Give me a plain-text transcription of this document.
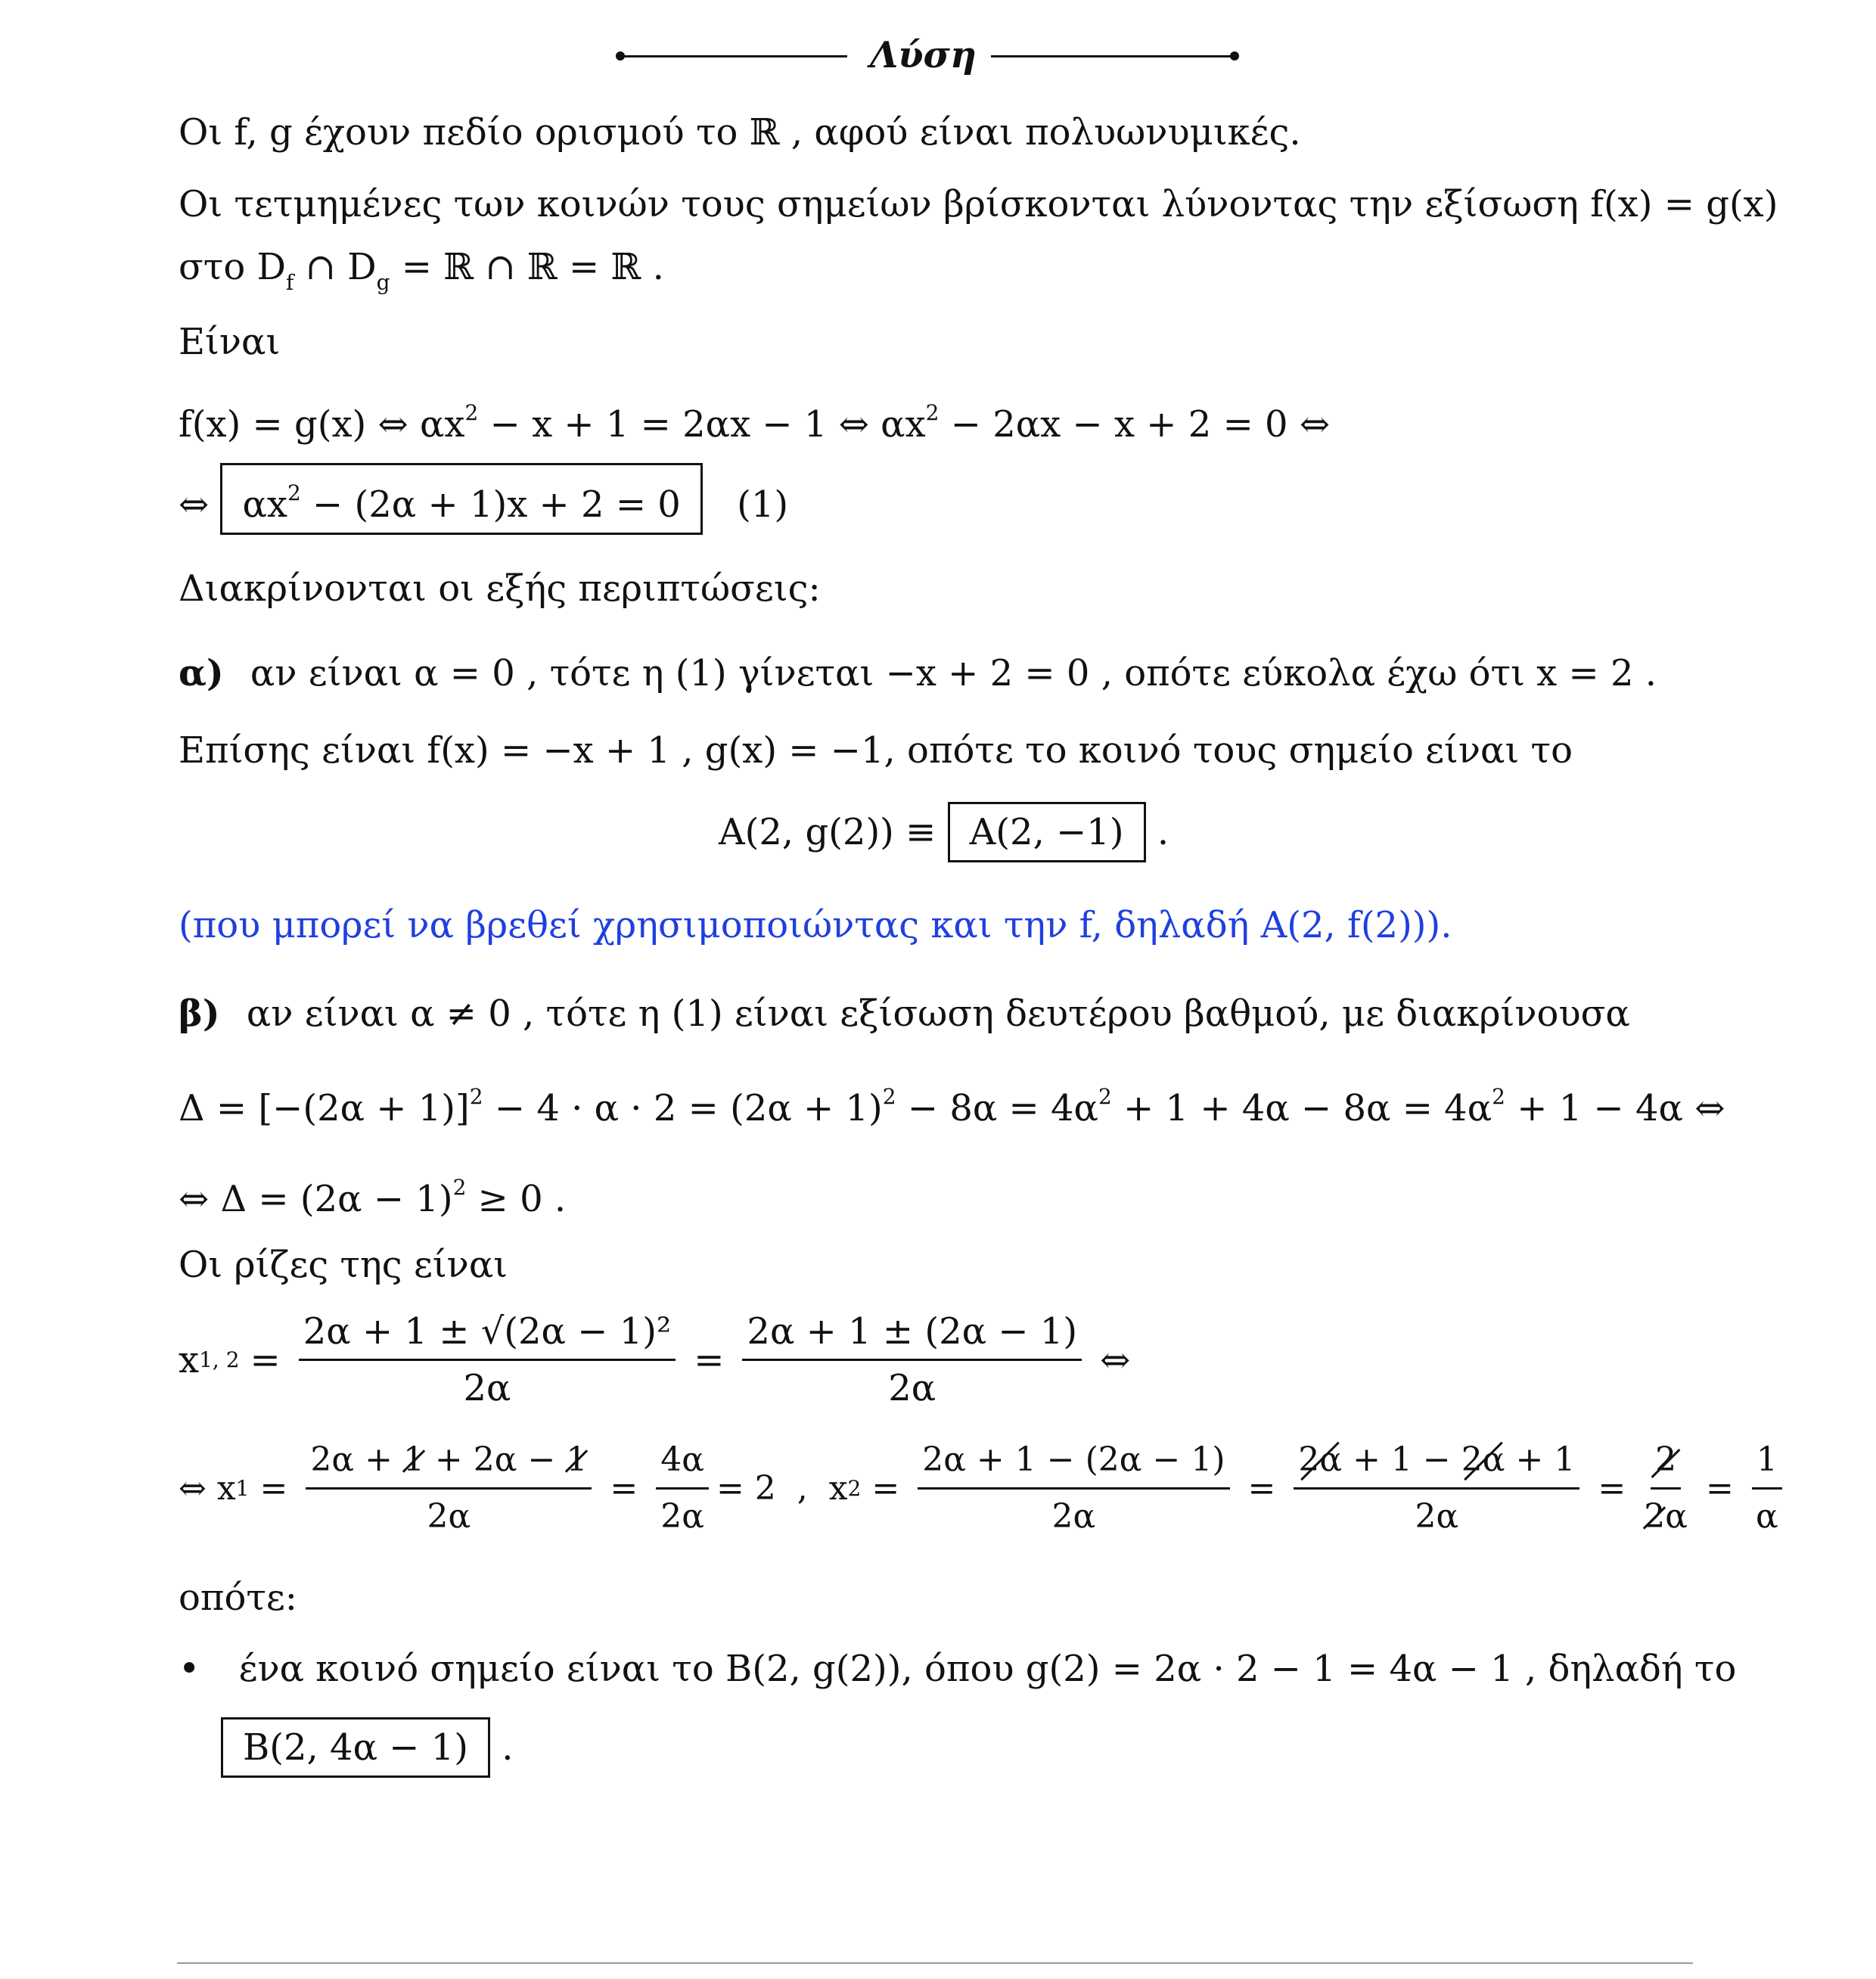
Λύση
Οι f, g έχουν πεδίο ορισμού το ℝ , αφού είναι πολυωνυμικές.
Οι τετμημένες των κοινών τους σημείων βρίσκονται λύνοντας την εξίσωση f(x) = g(x)
στο $D_f$ ∩ $D_g$ = ℝ ∩ ℝ = ℝ .
Είναι
f(x) = g(x) ⇔ $\alpha x^2 - x + 1 = 2\alpha x - 1$ ⇔ $\alpha x^2 - 2\alpha x - x + 2 = 0$ ⇔
⇔ $\alpha x^2 - (2\alpha + 1)x + 2 = 0$ (1)
Διακρίνονται οι εξής περιπτώσεις:
α) αν είναι α = 0 , τότε η (1) γίνεται −x + 2 = 0 , οπότε εύκολα έχω ότι x = 2 .
Επίσης είναι f(x) = −x + 1 , g(x) = −1, οπότε το κοινό τους σημείο είναι το
A(2, g(2)) ≡ A(2, −1) .
(που μπορεί να βρεθεί χρησιμοποιώντας και την f, δηλαδή A(2, f(2))).
β) αν είναι α ≠ 0 , τότε η (1) είναι εξίσωση δευτέρου βαθμού, με διακρίνουσα
$\Delta = [-(2\alpha + 1)]^2 - 4 \cdot \alpha \cdot 2 = (2\alpha + 1)^2 - 8\alpha = 4\alpha^2 + 1 + 4\alpha - 8\alpha = 4\alpha^2 + 1 - 4\alpha$ ⇔
⇔ $\Delta = (2\alpha - 1)^2 \ge 0$ .
Οι ρίζες της είναι
x 1, $2 = \frac{\text{2α + 1 ± √(2α − 1)²}}{2\alpha} = \frac{2\alpha + 1 \pm (2\alpha - 1)}{2\alpha}$ ⇔
⇔ x $1 = \frac{2\alpha + 1 + 2\alpha - 1}{2\alpha} = \frac{4\alpha}{2\alpha} = 2$  ,  x $2 = \frac{2\alpha + 1 - (2\alpha - 1)}{2\alpha} = \frac{2\alpha + 1 - 2\alpha + 1}{2\alpha} = \frac{2}{2\alpha} = \frac{1}{\alpha}$
οπότε:
• ένα κοινό σημείο είναι το B(2, g(2)), όπου g(2) = 2α · 2 − 1 = 4α − 1 , δηλαδή το
B(2, 4α − 1) .
